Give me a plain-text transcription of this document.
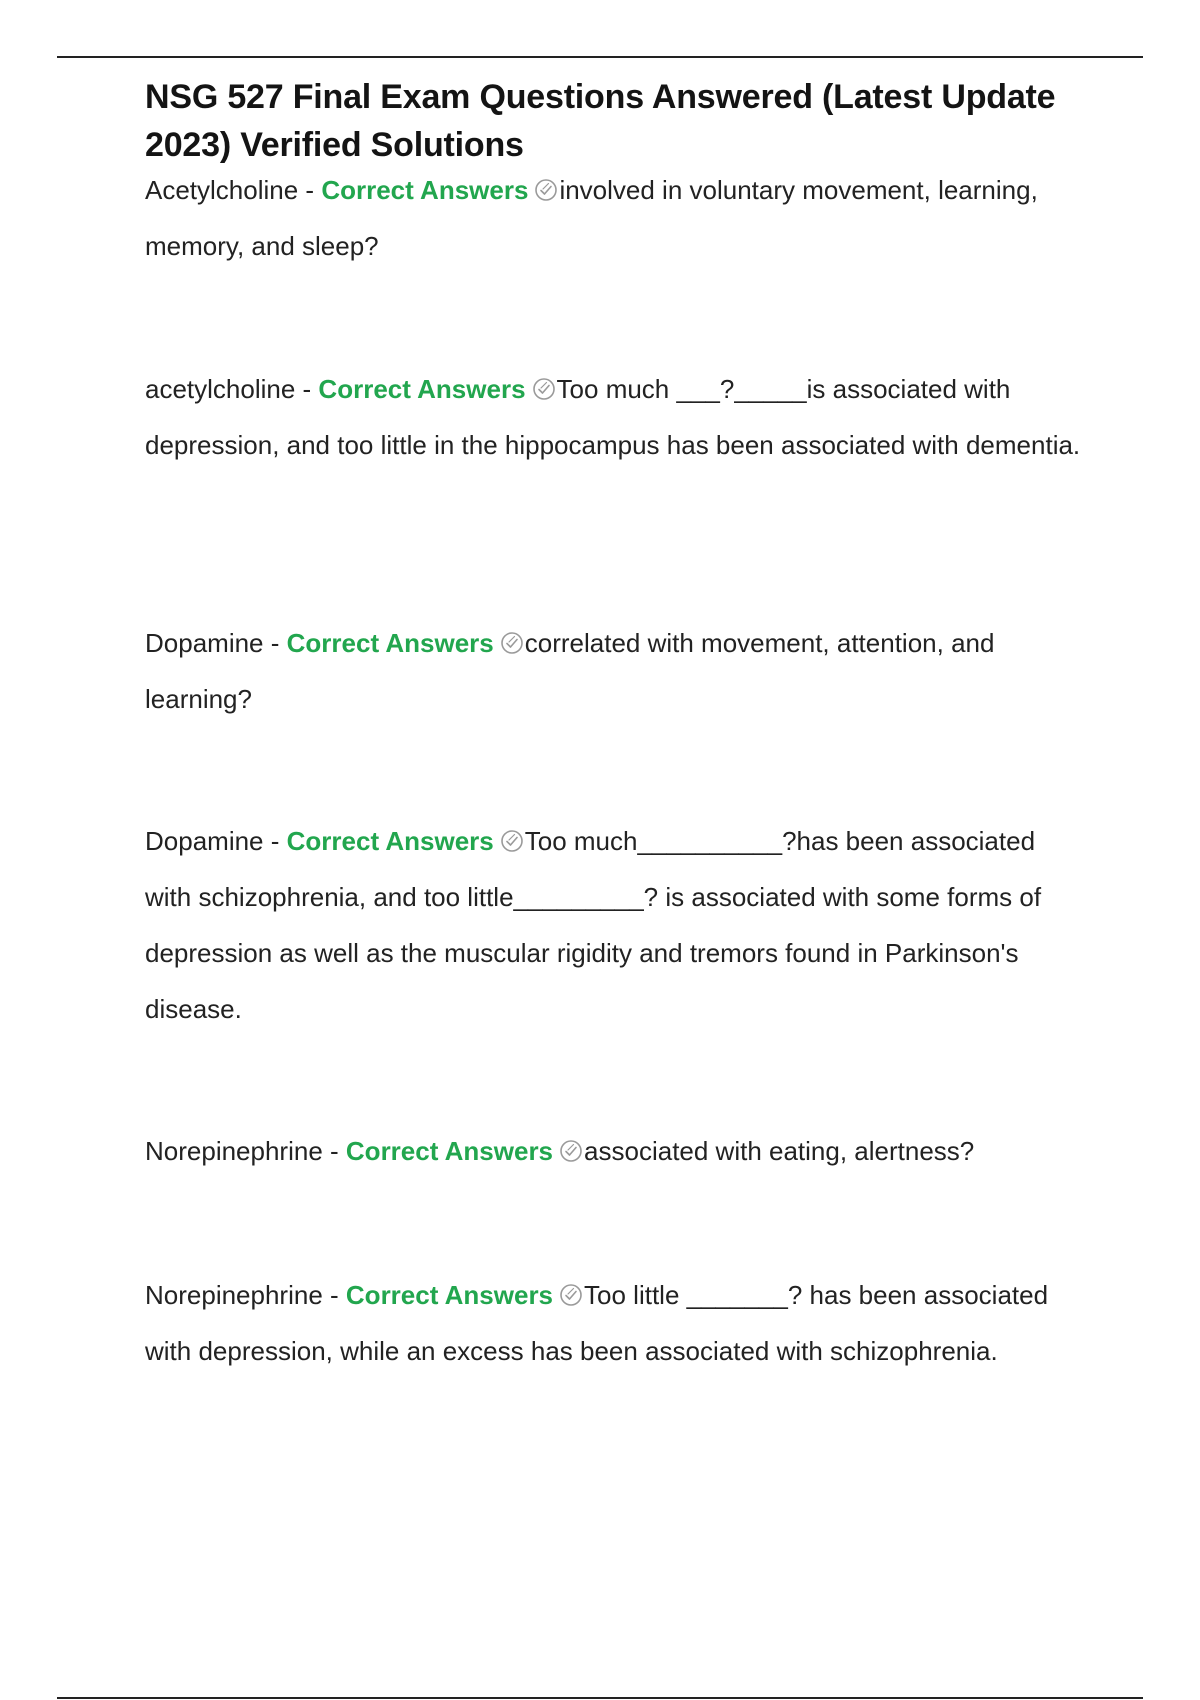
NSG 527 Final Exam Questions Answered (Latest Update 2023) Verified Solutions

Acetylcholine - Correct Answers involved in voluntary movement, learning, memory, and sleep?

acetylcholine - Correct Answers Too much ___?_____is associated with depression, and too little in the hippocampus has been associated with dementia.

Dopamine - Correct Answers correlated with movement, attention, and learning?

Dopamine - Correct Answers Too much__________?has been associated with schizophrenia, and too little_________? is associated with some forms of depression as well as the muscular rigidity and tremors found in Parkinson's disease.

Norepinephrine - Correct Answers associated with eating, alertness?

Norepinephrine - Correct Answers Too little _______? has been associated with depression, while an excess has been associated with schizophrenia.
